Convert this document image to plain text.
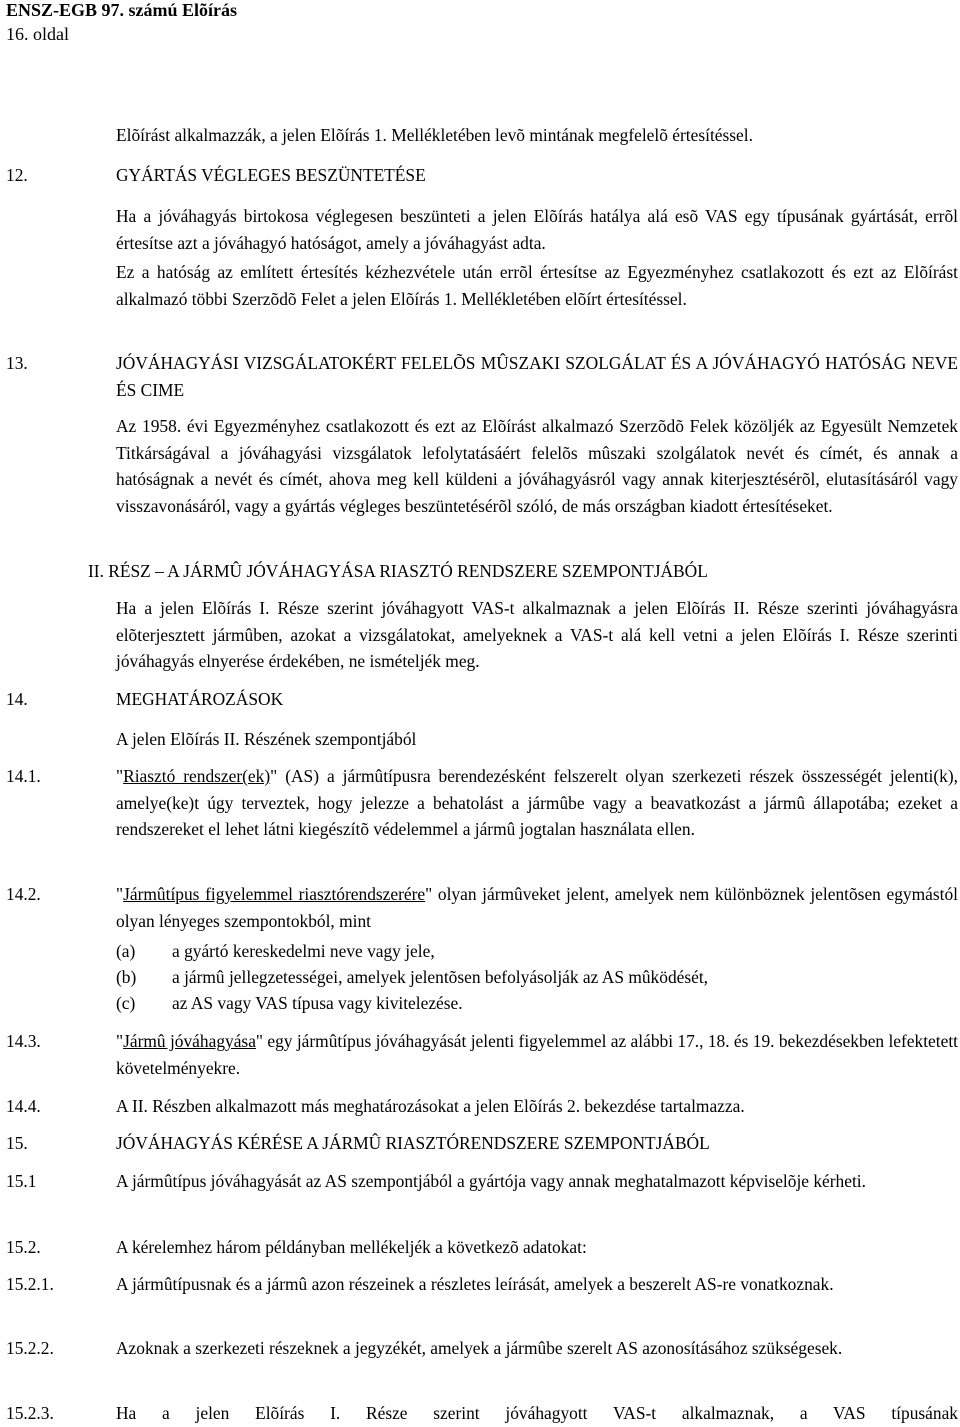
ENSZ-EGB 97. számú Elõírás
16. oldal
Elõírást alkalmazzák, a jelen Elõírás 1. Mellékletében levõ mintának megfelelõ értesítéssel.
12.	GYÁRTÁS VÉGLEGES BESZÜNTETÉSE
Ha a jóváhagyás birtokosa véglegesen beszünteti a jelen Elõírás hatálya alá esõ VAS egy típusának gyártását, errõl értesítse azt a jóváhagyó hatóságot, amely a jóváhagyást adta.
Ez a hatóság az említett értesítés kézhezvétele után errõl értesítse az Egyezményhez csatlakozott és ezt az Elõírást alkalmazó többi Szerzõdõ Felet a jelen Elõírás 1. Mellékletében elõírt értesítéssel.
13.	JÓVÁHAGYÁSI VIZSGÁLATOKÉRT FELELÕS MÛSZAKI SZOLGÁLAT ÉS A JÓVÁHAGYÓ HATÓSÁG NEVE ÉS CIME
Az 1958. évi Egyezményhez csatlakozott és ezt az Elõírást alkalmazó Szerzõdõ Felek közöljék az Egyesült Nemzetek Titkárságával a jóváhagyási vizsgálatok lefolytatásáért felelõs mûszaki szolgálatok nevét és címét, és annak a hatóságnak a nevét és címét, ahova meg kell küldeni a jóváhagyásról vagy annak kiterjesztésérõl, elutasításáról vagy visszavonásáról, vagy a gyártás végleges beszüntetésérõl szóló, de más országban kiadott értesítéseket.
II. RÉSZ – A JÁRMÛ JÓVÁHAGYÁSA RIASZTÓ RENDSZERE SZEMPONTJÁBÓL
Ha a jelen Elõírás I. Része szerint jóváhagyott VAS-t alkalmaznak a jelen Elõírás II. Része szerinti jóváhagyásra elõterjesztett jármûben, azokat a vizsgálatokat, amelyeknek a VAS-t alá kell vetni a jelen Elõírás I. Része szerinti jóváhagyás elnyerése érdekében, ne ismételjék meg.
14.	MEGHATÁROZÁSOK
A jelen Elõírás II. Részének szempontjából
14.1.	"Riasztó rendszer(ek)" (AS) a jármûtípusra berendezésként felszerelt olyan szerkezeti részek összességét jelenti(k), amelye(ke)t úgy terveztek, hogy jelezze a behatolást a jármûbe vagy a beavatkozást a jármû állapotába; ezeket a rendszereket el lehet látni kiegészítõ védelemmel a jármû jogtalan használata ellen.
14.2.	"Jármûtípus figyelemmel riasztórendszerére" olyan jármûveket jelent, amelyek nem különböznek jelentõsen egymástól olyan lényeges szempontokból, mint
(a) a gyártó kereskedelmi neve vagy jele,
(b) a jármû jellegzetességei, amelyek jelentõsen befolyásolják az AS mûködését,
(c) az AS vagy VAS típusa vagy kivitelezése.
14.3.	"Jármû jóváhagyása" egy jármûtípus jóváhagyását jelenti figyelemmel az alábbi 17., 18. és 19. bekezdésekben lefektetett követelményekre.
14.4.	A II. Részben alkalmazott más meghatározásokat a jelen Elõírás 2. bekezdése tartalmazza.
15.	JÓVÁHAGYÁS KÉRÉSE A JÁRMÛ RIASZTÓRENDSZERE SZEMPONTJÁBÓL
15.1	A jármûtípus jóváhagyását az AS szempontjából a gyártója vagy annak meghatalmazott képviselõje kérheti.
15.2.	A kérelemhez három példányban mellékeljék a következõ adatokat:
15.2.1.	A jármûtípusnak és a jármû azon részeinek a részletes leírását, amelyek a beszerelt AS-re vonatkoznak.
15.2.2.	Azoknak a szerkezeti részeknek a jegyzékét, amelyek a jármûbe szerelt AS azonosításához szükségesek.
15.2.3.	Ha a jelen Elõírás I. Része szerint jóváhagyott VAS-t alkalmaznak, a VAS típusának
